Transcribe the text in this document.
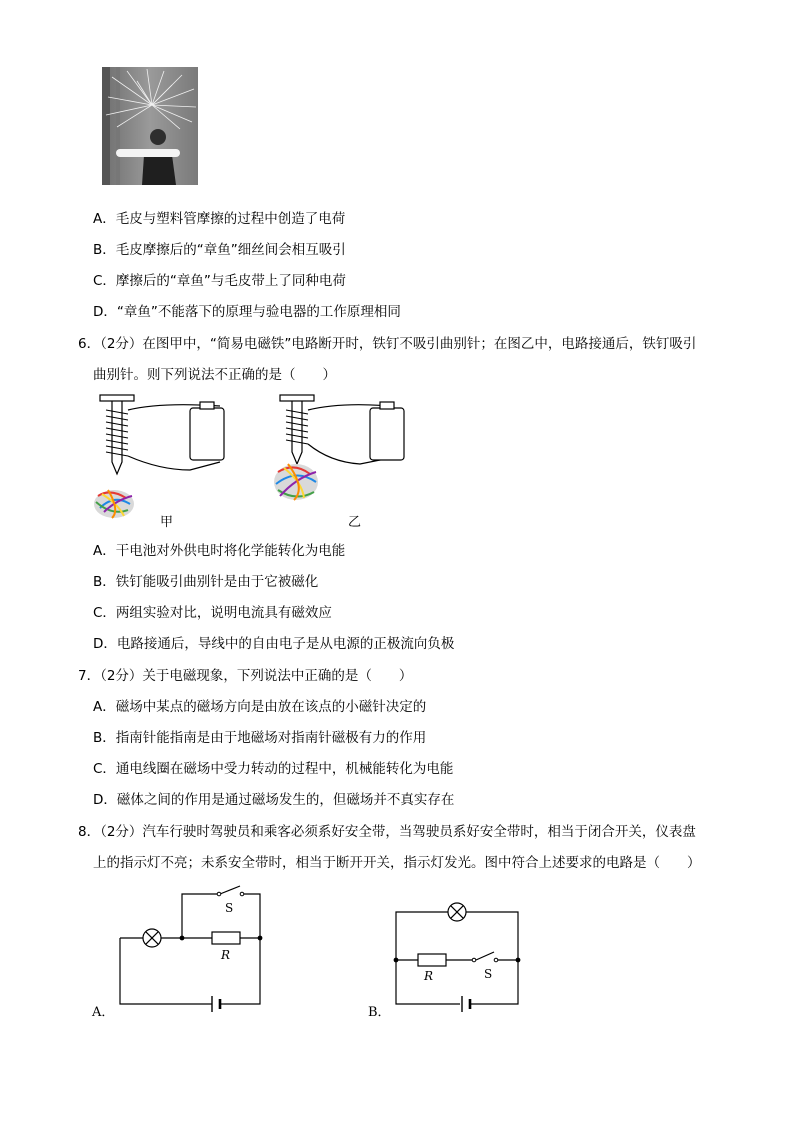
A．毛皮与塑料管摩擦的过程中创造了电荷
B．毛皮摩擦后的“章鱼”细丝间会相互吸引
C．摩擦后的“章鱼”与毛皮带上了同种电荷
D．“章鱼”不能落下的原理与验电器的工作原理相同
6．（2分）在图甲中，“简易电磁铁”电路断开时，铁钉不吸引曲别针；在图乙中，电路接通后，铁钉吸引
曲别针。则下列说法不正确的是（　　）
甲	乙
A．干电池对外供电时将化学能转化为电能
B．铁钉能吸引曲别针是由于它被磁化
C．两组实验对比，说明电流具有磁效应
D．电路接通后，导线中的自由电子是从电源的正极流向负极
7．（2分）关于电磁现象，下列说法中正确的是（　　）
A．磁场中某点的磁场方向是由放在该点的小磁针决定的
B．指南针能指南是由于地磁场对指南针磁极有力的作用
C．通电线圈在磁场中受力转动的过程中，机械能转化为电能
D．磁体之间的作用是通过磁场发生的，但磁场并不真实存在
8．（2分）汽车行驶时驾驶员和乘客必须系好安全带，当驾驶员系好安全带时，相当于闭合开关，仪表盘
上的指示灯不亮；未系安全带时，相当于断开开关，指示灯发光。图中符合上述要求的电路是（　　）
S
R
A．
R	S
B．
